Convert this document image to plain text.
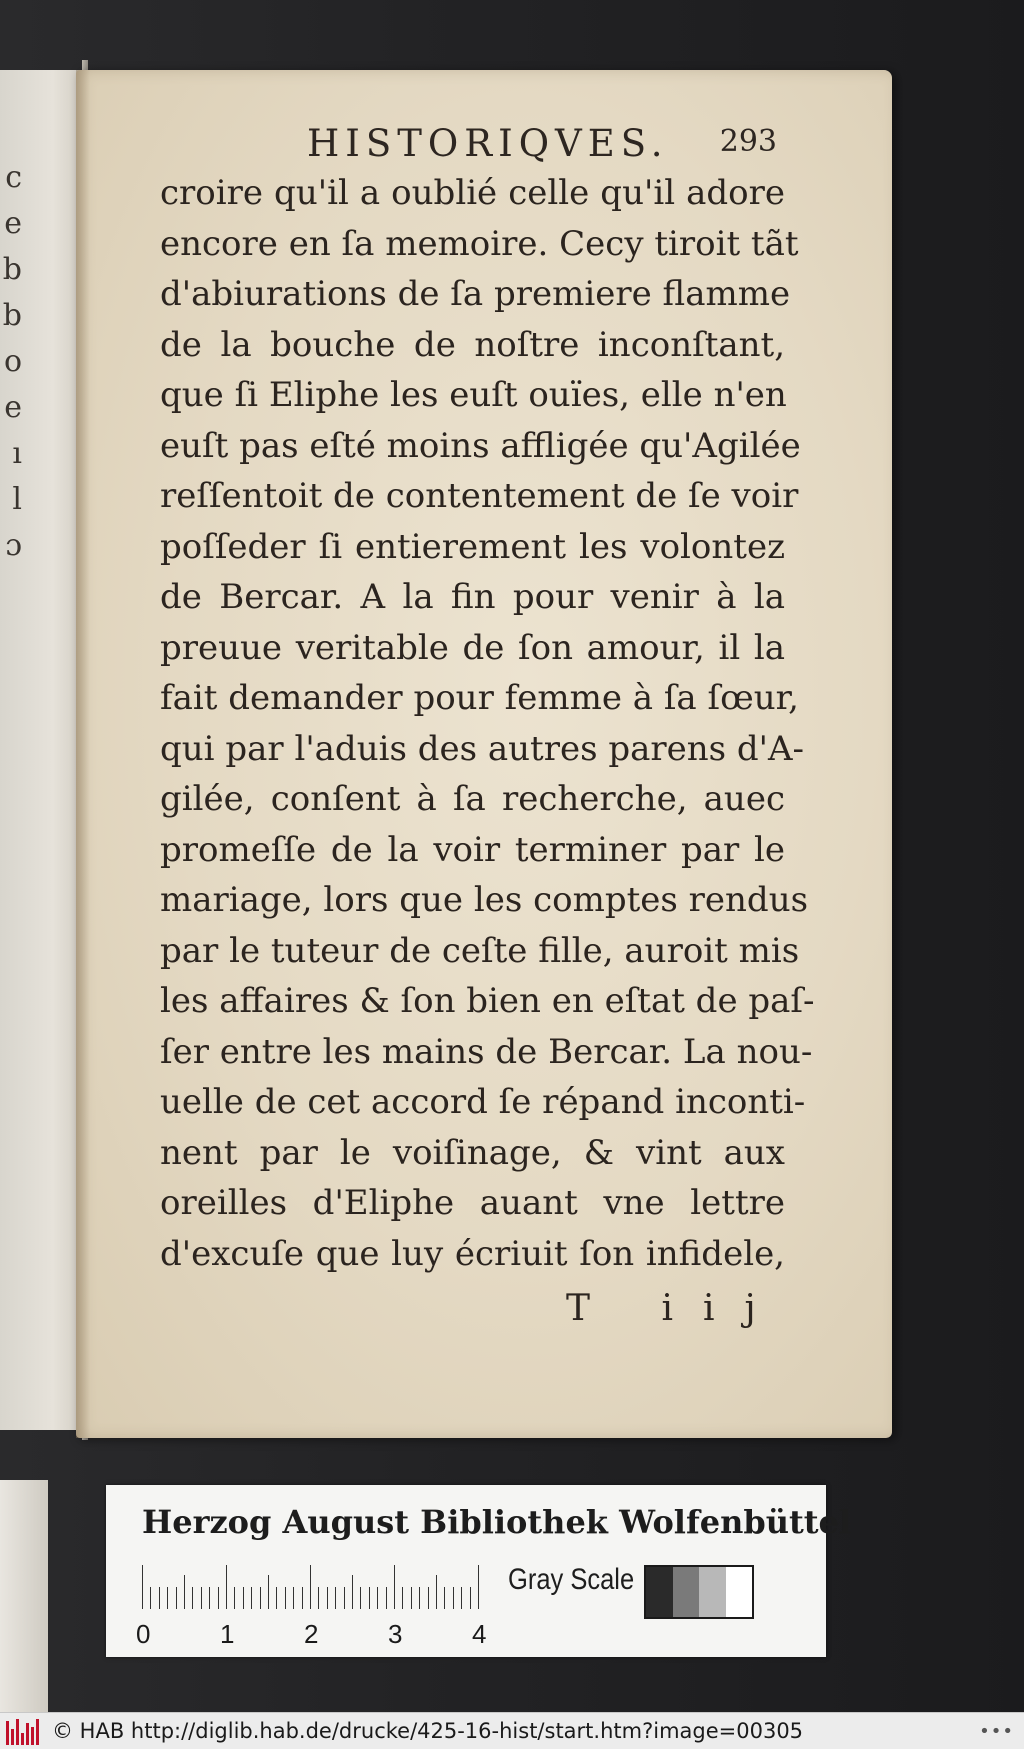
c
e
b
b
o
e
ı
l
ɔ
HISTORIQVES. 293
croire qu'il a oublié celle qu'il adore
encore en ſa memoire. Cecy tiroit tãt
d'abiurations de ſa premiere flamme
de la bouche de noſtre inconſtant,
que ſi Eliphe les euſt ouïes, elle n'en
euſt pas eſté moins affligée qu'Agilée
reſſentoit de contentement de ſe voir
poſſeder ſi entierement les volontez
de Bercar. A la fin pour venir à la
preuue veritable de ſon amour, il la
fait demander pour femme à ſa ſœur,
qui par l'aduis des autres parens d'A-
gilée, conſent à ſa recherche, auec
promeſſe de la voir terminer par le
mariage, lors que les comptes rendus
par le tuteur de ceſte fille, auroit mis
les affaires & ſon bien en eſtat de paſ-
ſer entre les mains de Bercar. La nou-
uelle de cet accord ſe répand inconti-
nent par le voiſinage, & vint aux
oreilles d'Eliphe auant vne lettre
d'excuſe que luy écriuit ſon infidele,
T iij
Herzog August Bibliothek Wolfenbüttel
0	1	2	3	4
Gray Scale
© HAB http://diglib.hab.de/drucke/425-16-hist/start.htm?image=00305	•••
